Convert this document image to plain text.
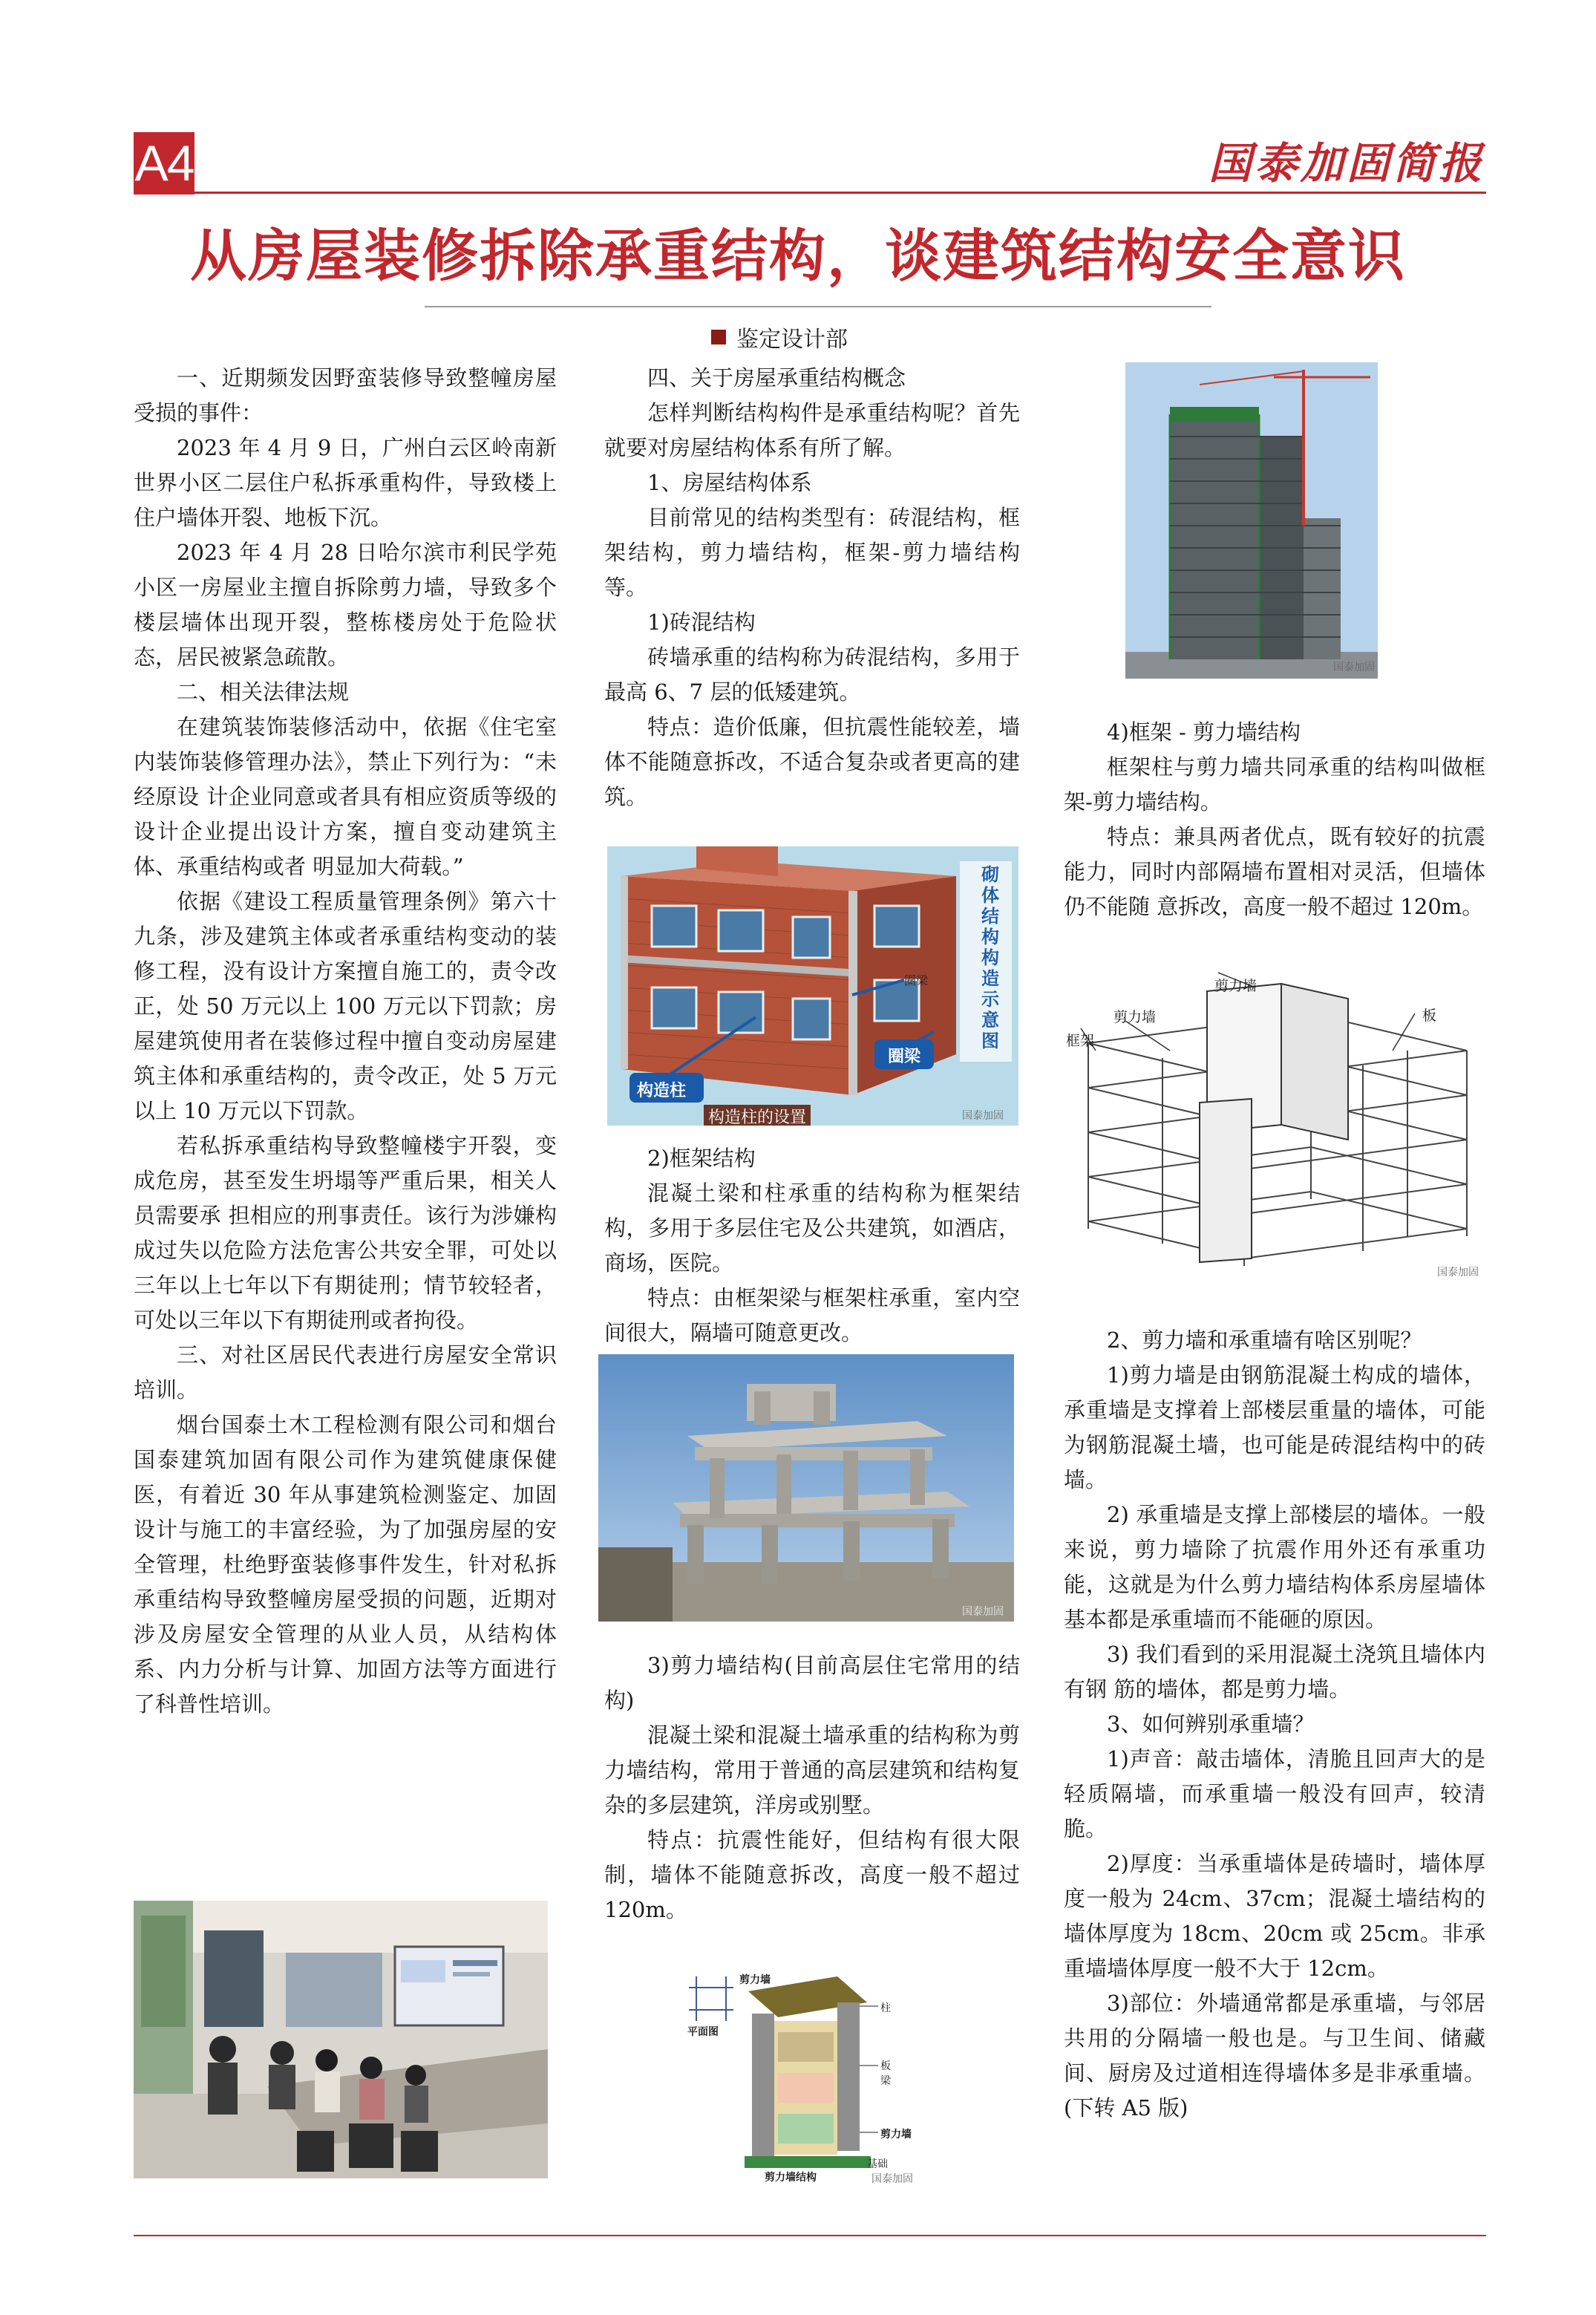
A4	国泰加固简报
从房屋装修拆除承重结构，谈建筑结构安全意识
鉴定设计部

一、近期频发因野蛮装修导致整幢房屋受损的事件：

2023 年 4 月 9 日，广州白云区岭南新世界小区二层住户私拆承重构件，导致楼上住户墙体开裂、地板下沉。

2023 年 4 月 28 日哈尔滨市利民学苑小区一房屋业主擅自拆除剪力墙，导致多个楼层墙体出现开裂，整栋楼房处于危险状态，居民被紧急疏散。

二、相关法律法规

在建筑装饰装修活动中，依据《住宅室内装饰装修管理办法》，禁止下列行为：“未经原设 计企业同意或者具有相应资质等级的设计企业提出设计方案，擅自变动建筑主体、承重结构或者 明显加大荷载。”

依据《建设工程质量管理条例》第六十九条，涉及建筑主体或者承重结构变动的装修工程，没有设计方案擅自施工的，责令改正，处 50 万元以上 100 万元以下罚款；房屋建筑使用者在装修过程中擅自变动房屋建筑主体和承重结构的，责令改正，处 5 万元以上 10 万元以下罚款。

若私拆承重结构导致整幢楼宇开裂，变成危房，甚至发生坍塌等严重后果，相关人员需要承 担相应的刑事责任。该行为涉嫌构成过失以危险方法危害公共安全罪，可处以三年以上七年以下有期徒刑；情节较轻者，可处以三年以下有期徒刑或者拘役。

三、对社区居民代表进行房屋安全常识培训。

烟台国泰土木工程检测有限公司和烟台国泰建筑加固有限公司作为建筑健康保健医，有着近 30 年从事建筑检测鉴定、加固设计与施工的丰富经验，为了加强房屋的安全管理，杜绝野蛮装修事件发生，针对私拆承重结构导致整幢房屋受损的问题，近期对涉及房屋安全管理的从业人员，从结构体系、内力分析与计算、加固方法等方面进行了科普性培训。

四、关于房屋承重结构概念

怎样判断结构构件是承重结构呢？首先 就要对房屋结构体系有所了解。

1、房屋结构体系

目前常见的结构类型有：砖混结构，框架结构，剪力墙结构，框架-剪力墙结构等。

1)砖混结构

砖墙承重的结构称为砖混结构，多用于 最高 6、7 层的低矮建筑。

特点：造价低廉，但抗震性能较差，墙体不能随意拆改，不适合复杂或者更高的建筑。

砌体结构构造示意图
构造柱
圈梁
圈梁
构造柱的设置	国泰加固

2)框架结构

混凝土梁和柱承重的结构称为框架结构，多用于多层住宅及公共建筑，如酒店，商场，医院。

特点：由框架梁与框架柱承重，室内空间很大，隔墙可随意更改。

国泰加固

3)剪力墙结构(目前高层住宅常用的结构)

混凝土梁和混凝土墙承重的结构称为剪力墙结构，常用于普通的高层建筑和结构复杂的多层建筑，洋房或别墅。

特点：抗震性能好，但结构有很大限制，墙体不能随意拆改，高度一般不超过 120m。

剪力墙
平面图
柱
板
梁
剪力墙
基础
剪力墙结构	国泰加固
国泰加固

4)框架 - 剪力墙结构

框架柱与剪力墙共同承重的结构叫做框架-剪力墙结构。

特点：兼具两者优点，既有较好的抗震能力，同时内部隔墙布置相对灵活，但墙体仍不能随 意拆改，高度一般不超过 120m。

剪力墙
剪力墙
框架
板
国泰加固

2、剪力墙和承重墙有啥区别呢？

1)剪力墙是由钢筋混凝土构成的墙体，承重墙是支撑着上部楼层重量的墙体，可能为钢筋混凝土墙，也可能是砖混结构中的砖墙。

2) 承重墙是支撑上部楼层的墙体。一般来说，剪力墙除了抗震作用外还有承重功能，这就是为什么剪力墙结构体系房屋墙体基本都是承重墙而不能砸的原因。

3) 我们看到的采用混凝土浇筑且墙体内有钢 筋的墙体，都是剪力墙。

3、如何辨别承重墙？

1)声音：敲击墙体，清脆且回声大的是轻质隔墙，而承重墙一般没有回声，较清脆。

2)厚度：当承重墙体是砖墙时，墙体厚度一般为 24cm、37cm；混凝土墙结构的墙体厚度为 18cm、20cm 或 25cm。非承重墙墙体厚度一般不大于 12cm。

3)部位：外墙通常都是承重墙，与邻居共用的分隔墙一般也是。与卫生间、储藏间、厨房及过道相连得墙体多是非承重墙。(下转 A5 版)
